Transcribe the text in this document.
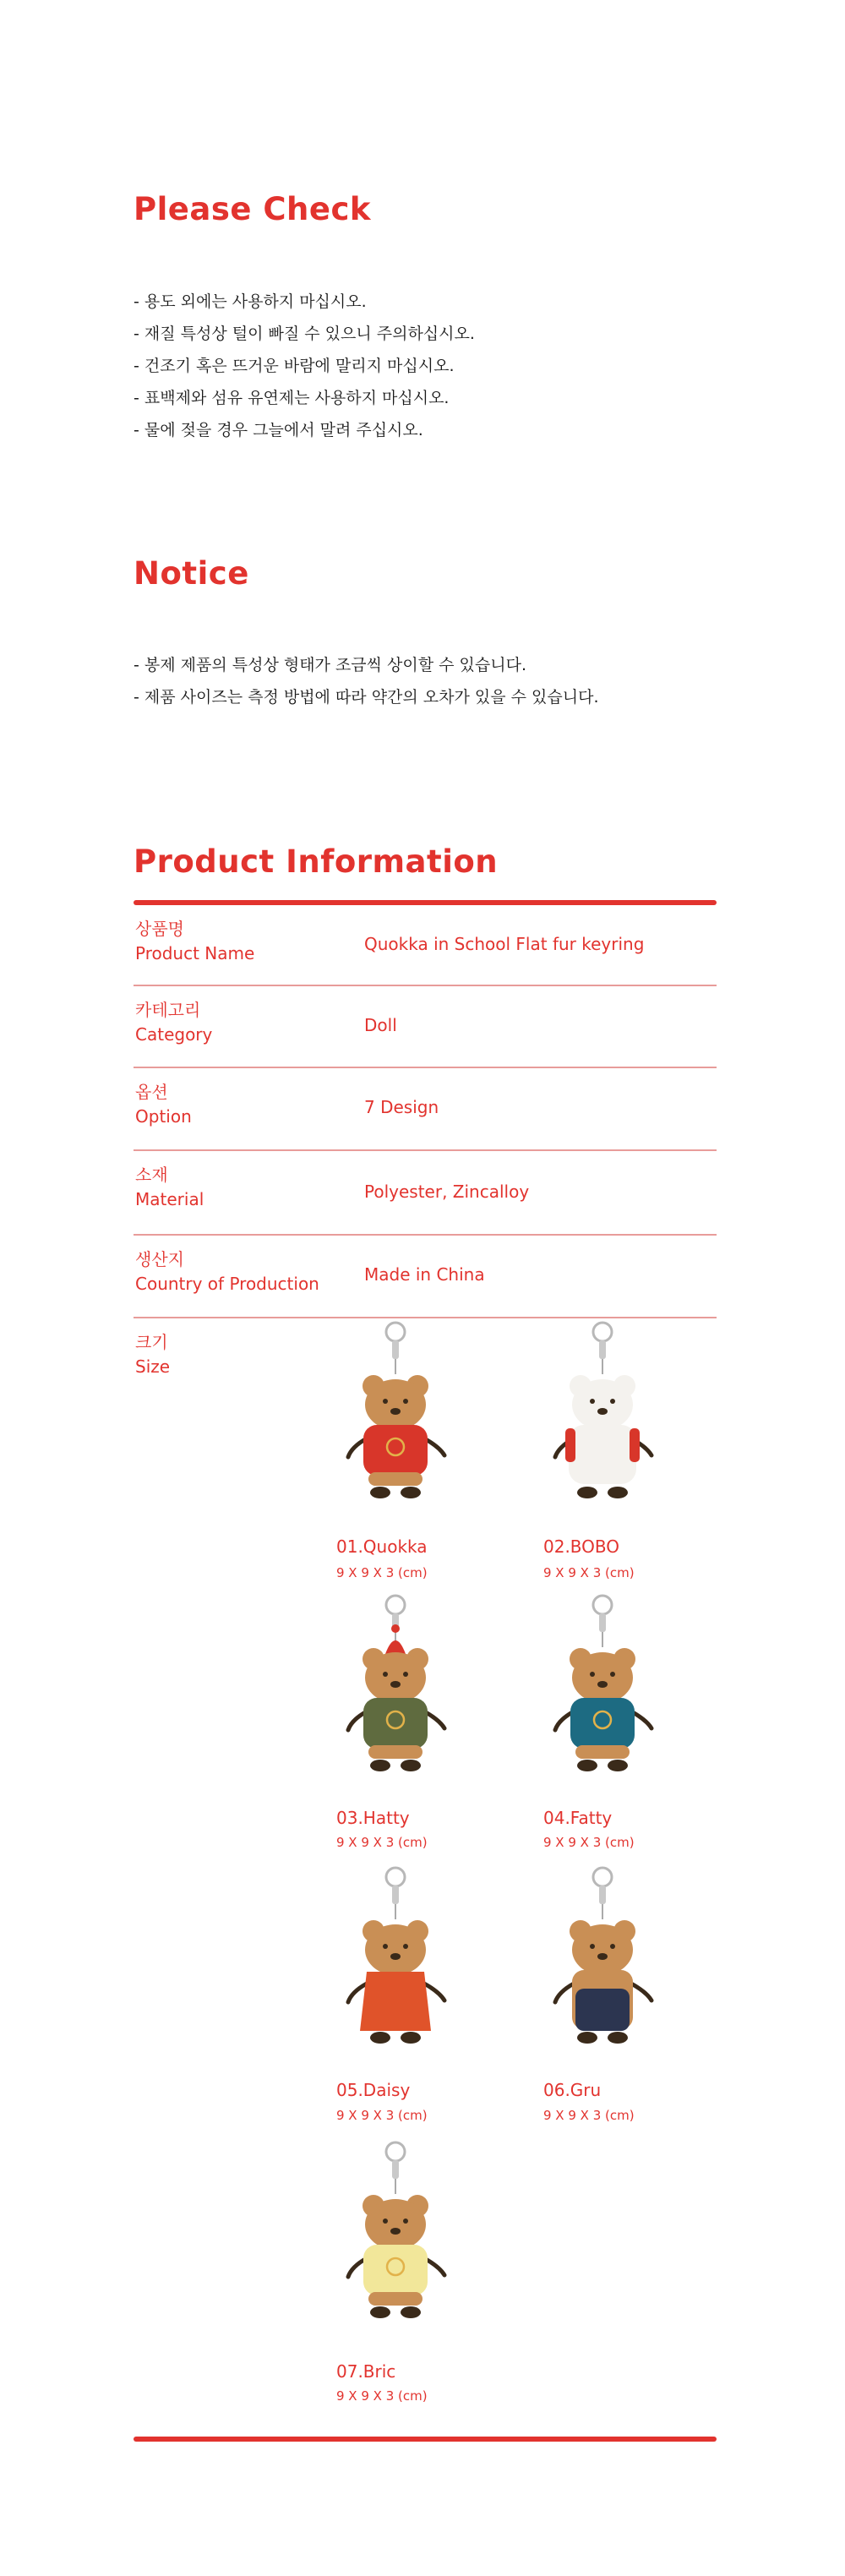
Please Check
- 용도 외에는 사용하지 마십시오.
- 재질 특성상 털이 빠질 수 있으니 주의하십시오.
- 건조기 혹은 뜨거운 바람에 말리지 마십시오.
- 표백제와 섬유 유연제는 사용하지 마십시오.
- 물에 젖을 경우 그늘에서 말려 주십시오.
Notice
- 봉제 제품의 특성상 형태가 조금씩 상이할 수 있습니다.
- 제품 사이즈는 측정 방법에 따라 약간의 오차가 있을 수 있습니다.
Product Information
상품명
Product Name	Quokka in School Flat fur keyring
카테고리
Category	Doll
옵션
Option	7 Design
소재
Material	Polyester, Zincalloy
생산지
Country of Production	Made in China
크기
Size
01.Quokka
9 X 9 X 3 (cm)
02.BOBO
9 X 9 X 3 (cm)
03.Hatty
9 X 9 X 3 (cm)
04.Fatty
9 X 9 X 3 (cm)
05.Daisy
9 X 9 X 3 (cm)
06.Gru
9 X 9 X 3 (cm)
07.Bric
9 X 9 X 3 (cm)
